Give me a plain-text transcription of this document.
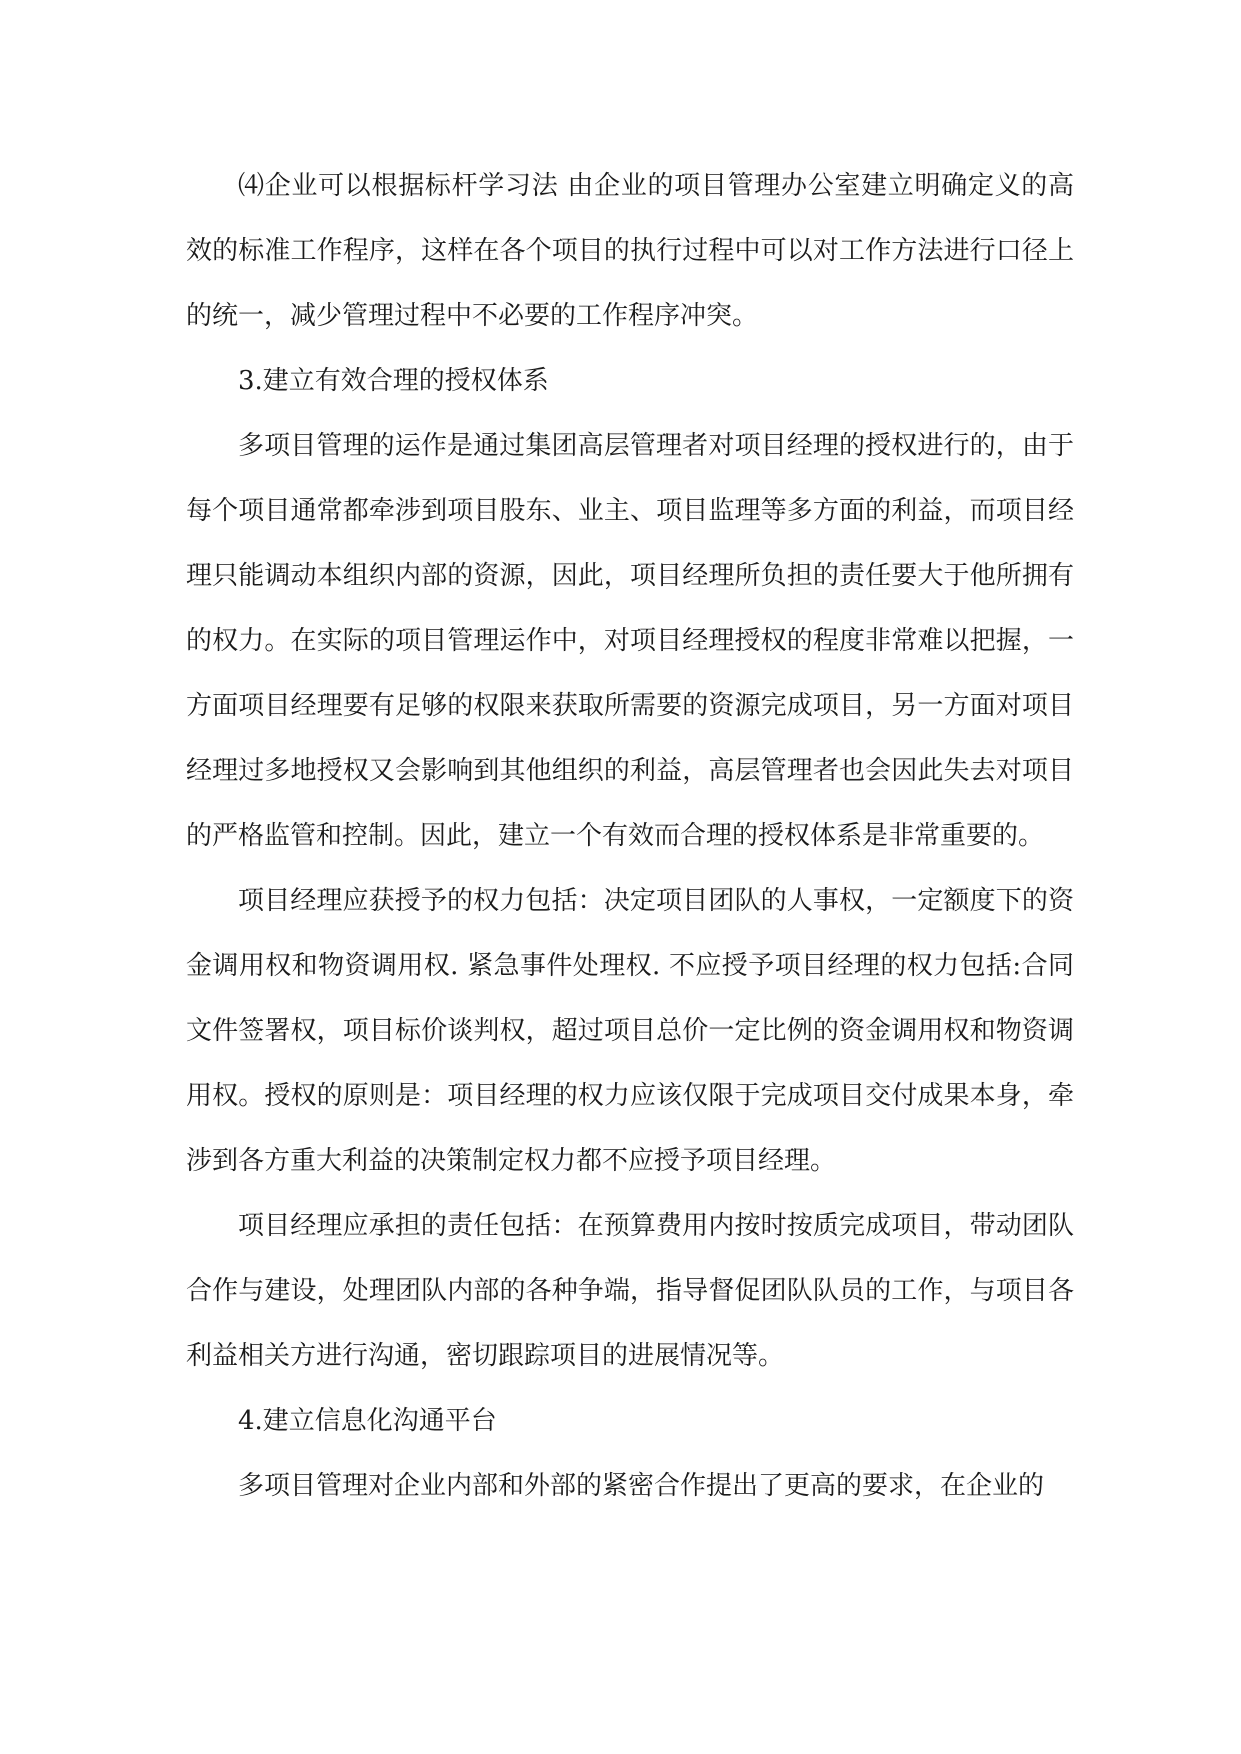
⑷企业可以根据标杆学习法 由企业的项目管理办公室建立明确定义的高效的标准工作程序，这样在各个项目的执行过程中可以对工作方法进行口径上的统一，减少管理过程中不必要的工作程序冲突。

3.建立有效合理的授权体系

多项目管理的运作是通过集团高层管理者对项目经理的授权进行的，由于每个项目通常都牵涉到项目股东、业主、项目监理等多方面的利益，而项目经理只能调动本组织内部的资源，因此，项目经理所负担的责任要大于他所拥有的权力。在实际的项目管理运作中，对项目经理授权的程度非常难以把握，一方面项目经理要有足够的权限来获取所需要的资源完成项目，另一方面对项目经理过多地授权又会影响到其他组织的利益，高层管理者也会因此失去对项目的严格监管和控制。因此，建立一个有效而合理的授权体系是非常重要的。

项目经理应获授予的权力包括：决定项目团队的人事权，一定额度下的资金调用权和物资调用权. 紧急事件处理权. 不应授予项目经理的权力包括:合同文件签署权，项目标价谈判权，超过项目总价一定比例的资金调用权和物资调用权。授权的原则是：项目经理的权力应该仅限于完成项目交付成果本身，牵涉到各方重大利益的决策制定权力都不应授予项目经理。

项目经理应承担的责任包括：在预算费用内按时按质完成项目，带动团队合作与建设，处理团队内部的各种争端，指导督促团队队员的工作，与项目各利益相关方进行沟通，密切跟踪项目的进展情况等。

4.建立信息化沟通平台

多项目管理对企业内部和外部的紧密合作提出了更高的要求，在企业的
